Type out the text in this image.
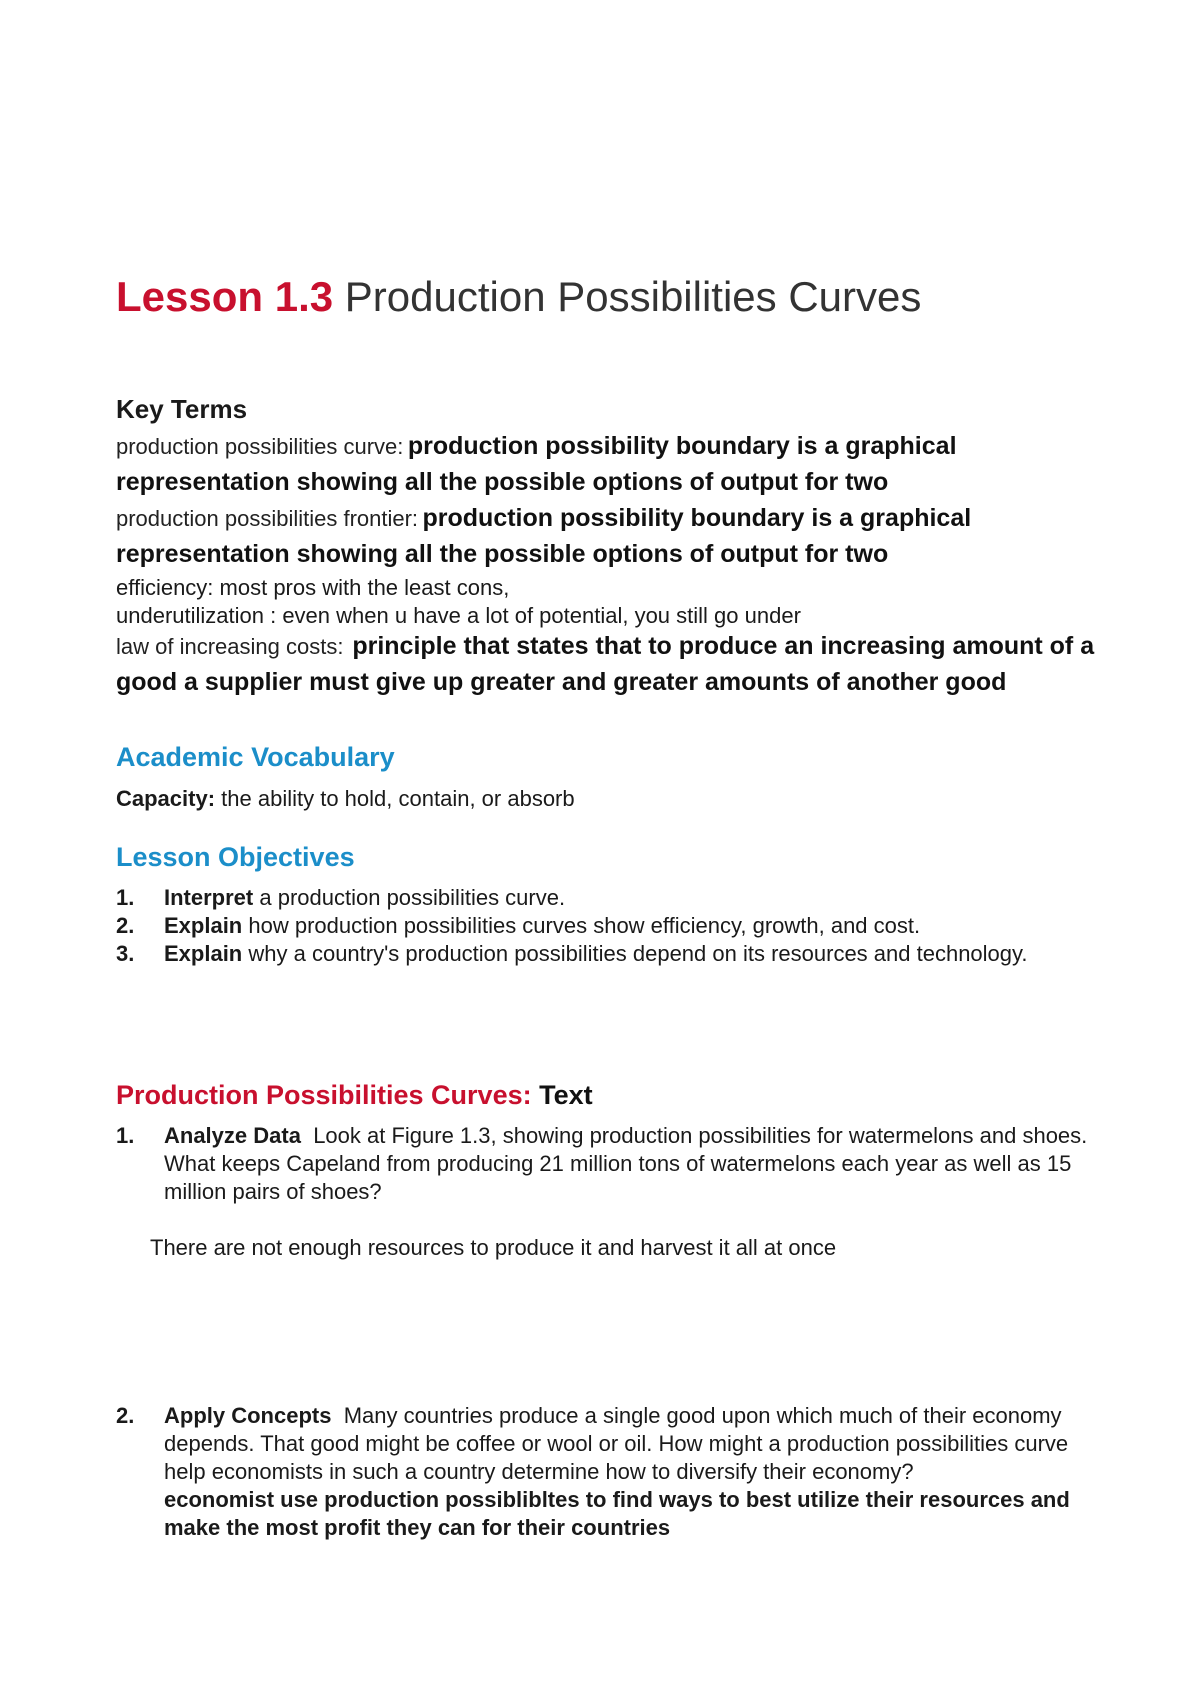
Lesson 1.3 Production Possibilities Curves
Key Terms

production possibilities curve: production possibility boundary is a graphical representation showing all the possible options of output for two

production possibilities frontier: production possibility boundary is a graphical representation showing all the possible options of output for two

efficiency: most pros with the least cons,

underutilization : even when u have a lot of potential, you still go under

law of increasing costs: principle that states that to produce an increasing amount of a good a supplier must give up greater and greater amounts of another good

Academic Vocabulary
Capacity: the ability to hold, contain, or absorb
Lesson Objectives
1. Interpret a production possibilities curve.
2. Explain how production possibilities curves show efficiency, growth, and cost.
3. Explain why a country's production possibilities depend on its resources and technology.
Production Possibilities Curves: Text
1. Analyze Data Look at Figure 1.3, showing production possibilities for watermelons and shoes. What keeps Capeland from producing 21 million tons of watermelons each year as well as 15 million pairs of shoes?
There are not enough resources to produce it and harvest it all at once
2. Apply Concepts Many countries produce a single good upon which much of their economy depends. That good might be coffee or wool or oil. How might a production possibilities curve help economists in such a country determine how to diversify their economy?
economist use production possiblibltes to find ways to best utilize their resources and make the most profit they can for their countries
